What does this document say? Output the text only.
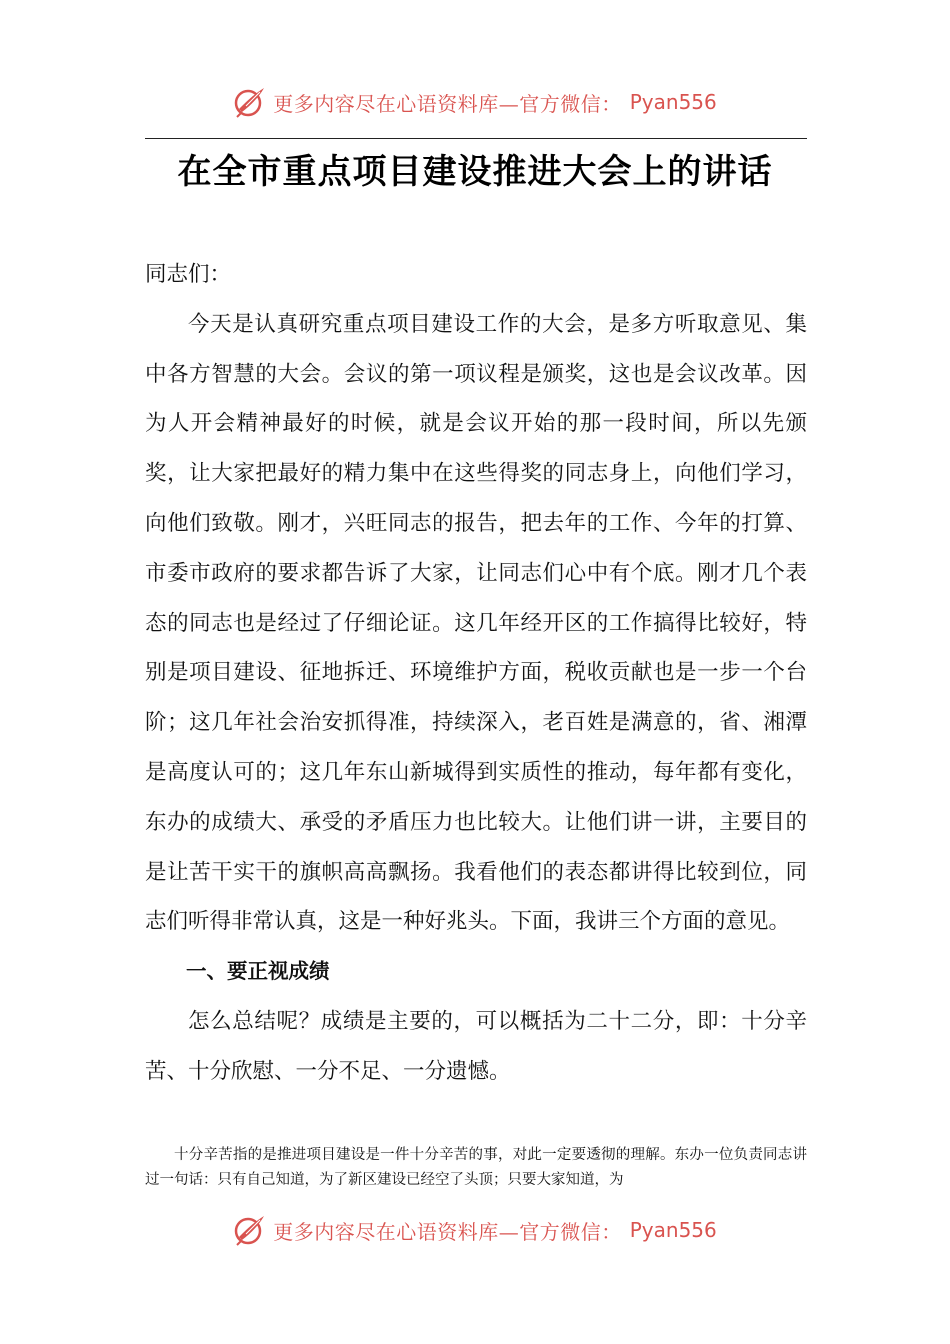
更多内容尽在心语资料库—官方微信： Pyan556
在全市重点项目建设推进大会上的讲话

同志们：

今天是认真研究重点项目建设工作的大会，是多方听取意见、集中各方智慧的大会。会议的第一项议程是颁奖，这也是会议改革。因为人开会精神最好的时候，就是会议开始的那一段时间，所以先颁奖，让大家把最好的精力集中在这些得奖的同志身上，向他们学习，向他们致敬。刚才，兴旺同志的报告，把去年的工作、今年的打算、市委市政府的要求都告诉了大家，让同志们心中有个底。刚才几个表态的同志也是经过了仔细论证。这几年经开区的工作搞得比较好，特别是项目建设、征地拆迁、环境维护方面，税收贡献也是一步一个台阶；这几年社会治安抓得准，持续深入，老百姓是满意的，省、湘潭是高度认可的；这几年东山新城得到实质性的推动，每年都有变化，东办的成绩大、承受的矛盾压力也比较大。让他们讲一讲，主要目的是让苦干实干的旗帜高高飘扬。我看他们的表态都讲得比较到位，同志们听得非常认真，这是一种好兆头。下面，我讲三个方面的意见。

一、要正视成绩

怎么总结呢？成绩是主要的，可以概括为二十二分，即：十分辛苦、十分欣慰、一分不足、一分遗憾。

十分辛苦指的是推进项目建设是一件十分辛苦的事，对此一定要透彻的理解。东办一位负责同志讲过一句话：只有自己知道，为了新区建设已经空了头顶；只要大家知道，为

更多内容尽在心语资料库—官方微信： Pyan556
